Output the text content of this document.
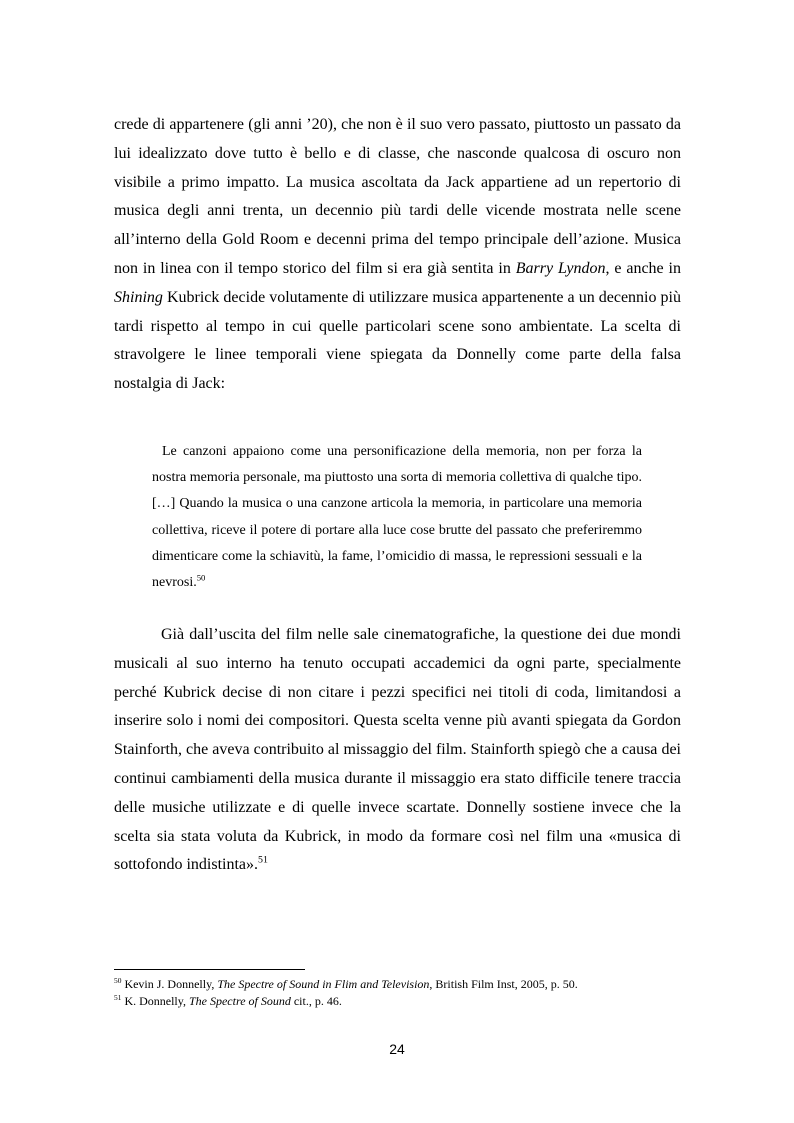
crede di appartenere (gli anni ’20), che non è il suo vero passato, piuttosto un passato da lui idealizzato dove tutto è bello e di classe, che nasconde qualcosa di oscuro non visibile a primo impatto. La musica ascoltata da Jack appartiene ad un repertorio di musica degli anni trenta, un decennio più tardi delle vicende mostrata nelle scene all’interno della Gold Room e decenni prima del tempo principale dell’azione. Musica non in linea con il tempo storico del film si era già sentita in Barry Lyndon, e anche in Shining Kubrick decide volutamente di utilizzare musica appartenente a un decennio più tardi rispetto al tempo in cui quelle particolari scene sono ambientate. La scelta di stravolgere le linee temporali viene spiegata da Donnelly come parte della falsa nostalgia di Jack:

Le canzoni appaiono come una personificazione della memoria, non per forza la nostra memoria personale, ma piuttosto una sorta di memoria collettiva di qualche tipo. […] Quando la musica o una canzone articola la memoria, in particolare una memoria collettiva, riceve il potere di portare alla luce cose brutte del passato che preferiremmo dimenticare come la schiavitù, la fame, l’omicidio di massa, le repressioni sessuali e la nevrosi.$^{50}$

Già dall’uscita del film nelle sale cinematografiche, la questione dei due mondi musicali al suo interno ha tenuto occupati accademici da ogni parte, specialmente perché Kubrick decise di non citare i pezzi specifici nei titoli di coda, limitandosi a inserire solo i nomi dei compositori. Questa scelta venne più avanti spiegata da Gordon Stainforth, che aveva contribuito al missaggio del film. Stainforth spiegò che a causa dei continui cambiamenti della musica durante il missaggio era stato difficile tenere traccia delle musiche utilizzate e di quelle invece scartate. Donnelly sostiene invece che la scelta sia stata voluta da Kubrick, in modo da formare così nel film una «musica di sottofondo indistinta».$^{51}$

$^{50}$ Kevin J. Donnelly, The Spectre of Sound in Flim and Television, British Film Inst, 2005, p. 50.
$^{51}$ K. Donnelly, The Spectre of Sound cit., p. 46.
24
